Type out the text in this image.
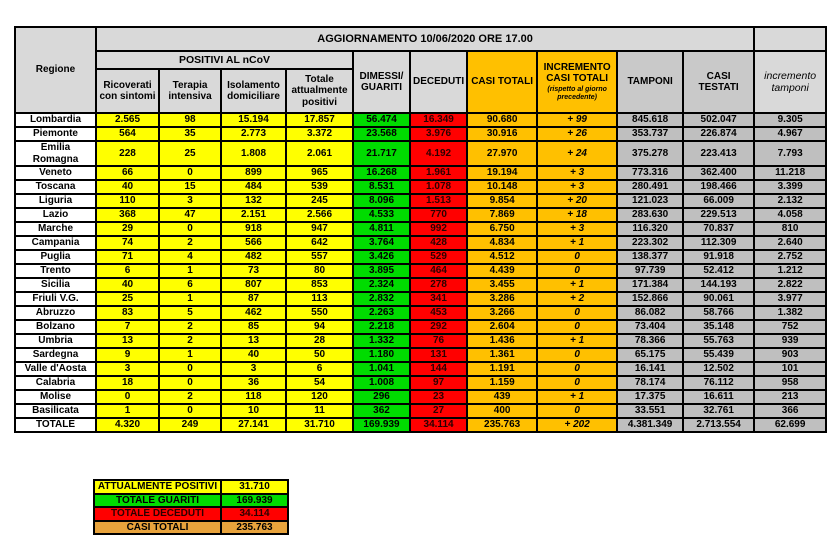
Regione	AGGIORNAMENTO 10/06/2020 ORE 17.00										
	POSITIVI AL nCoV				DIMESSI/ GUARITI	DECEDUTI	CASI TOTALI	INCREMENTO CASI TOTALI
(rispetto al giorno precedente)	TAMPONI	CASI TESTATI	incremento tamponi
	Ricoverati con sintomi	Terapia intensiva	Isolamento domiciliare	Totale attualmente positivi							
Lombardia	2.565	98	15.194	17.857	56.474	16.349	90.680	+ 99	845.618	502.047	9.305
Piemonte	564	35	2.773	3.372	23.568	3.976	30.916	+ 26	353.737	226.874	4.967
Emilia Romagna	228	25	1.808	2.061	21.717	4.192	27.970	+ 24	375.278	223.413	7.793
Veneto	66	0	899	965	16.268	1.961	19.194	+ 3	773.316	362.400	11.218
Toscana	40	15	484	539	8.531	1.078	10.148	+ 3	280.491	198.466	3.399
Liguria	110	3	132	245	8.096	1.513	9.854	+ 20	121.023	66.009	2.132
Lazio	368	47	2.151	2.566	4.533	770	7.869	+ 18	283.630	229.513	4.058
Marche	29	0	918	947	4.811	992	6.750	+ 3	116.320	70.837	810
Campania	74	2	566	642	3.764	428	4.834	+ 1	223.302	112.309	2.640
Puglia	71	4	482	557	3.426	529	4.512	0	138.377	91.918	2.752
Trento	6	1	73	80	3.895	464	4.439	0	97.739	52.412	1.212
Sicilia	40	6	807	853	2.324	278	3.455	+ 1	171.384	144.193	2.822
Friuli V.G.	25	1	87	113	2.832	341	3.286	+ 2	152.866	90.061	3.977
Abruzzo	83	5	462	550	2.263	453	3.266	0	86.082	58.766	1.382
Bolzano	7	2	85	94	2.218	292	2.604	0	73.404	35.148	752
Umbria	13	2	13	28	1.332	76	1.436	+ 1	78.366	55.763	939
Sardegna	9	1	40	50	1.180	131	1.361	0	65.175	55.439	903
Valle d'Aosta	3	0	3	6	1.041	144	1.191	0	16.141	12.502	101
Calabria	18	0	36	54	1.008	97	1.159	0	78.174	76.112	958
Molise	0	2	118	120	296	23	439	+ 1	17.375	16.611	213
Basilicata	1	0	10	11	362	27	400	0	33.551	32.761	366
TOTALE	4.320	249	27.141	31.710	169.939	34.114	235.763	+ 202	4.381.349	2.713.554	62.699
ATTUALMENTE POSITIVI	31.710
TOTALE GUARITI	169.939
TOTALE DECEDUTI	34.114
CASI TOTALI	235.763
